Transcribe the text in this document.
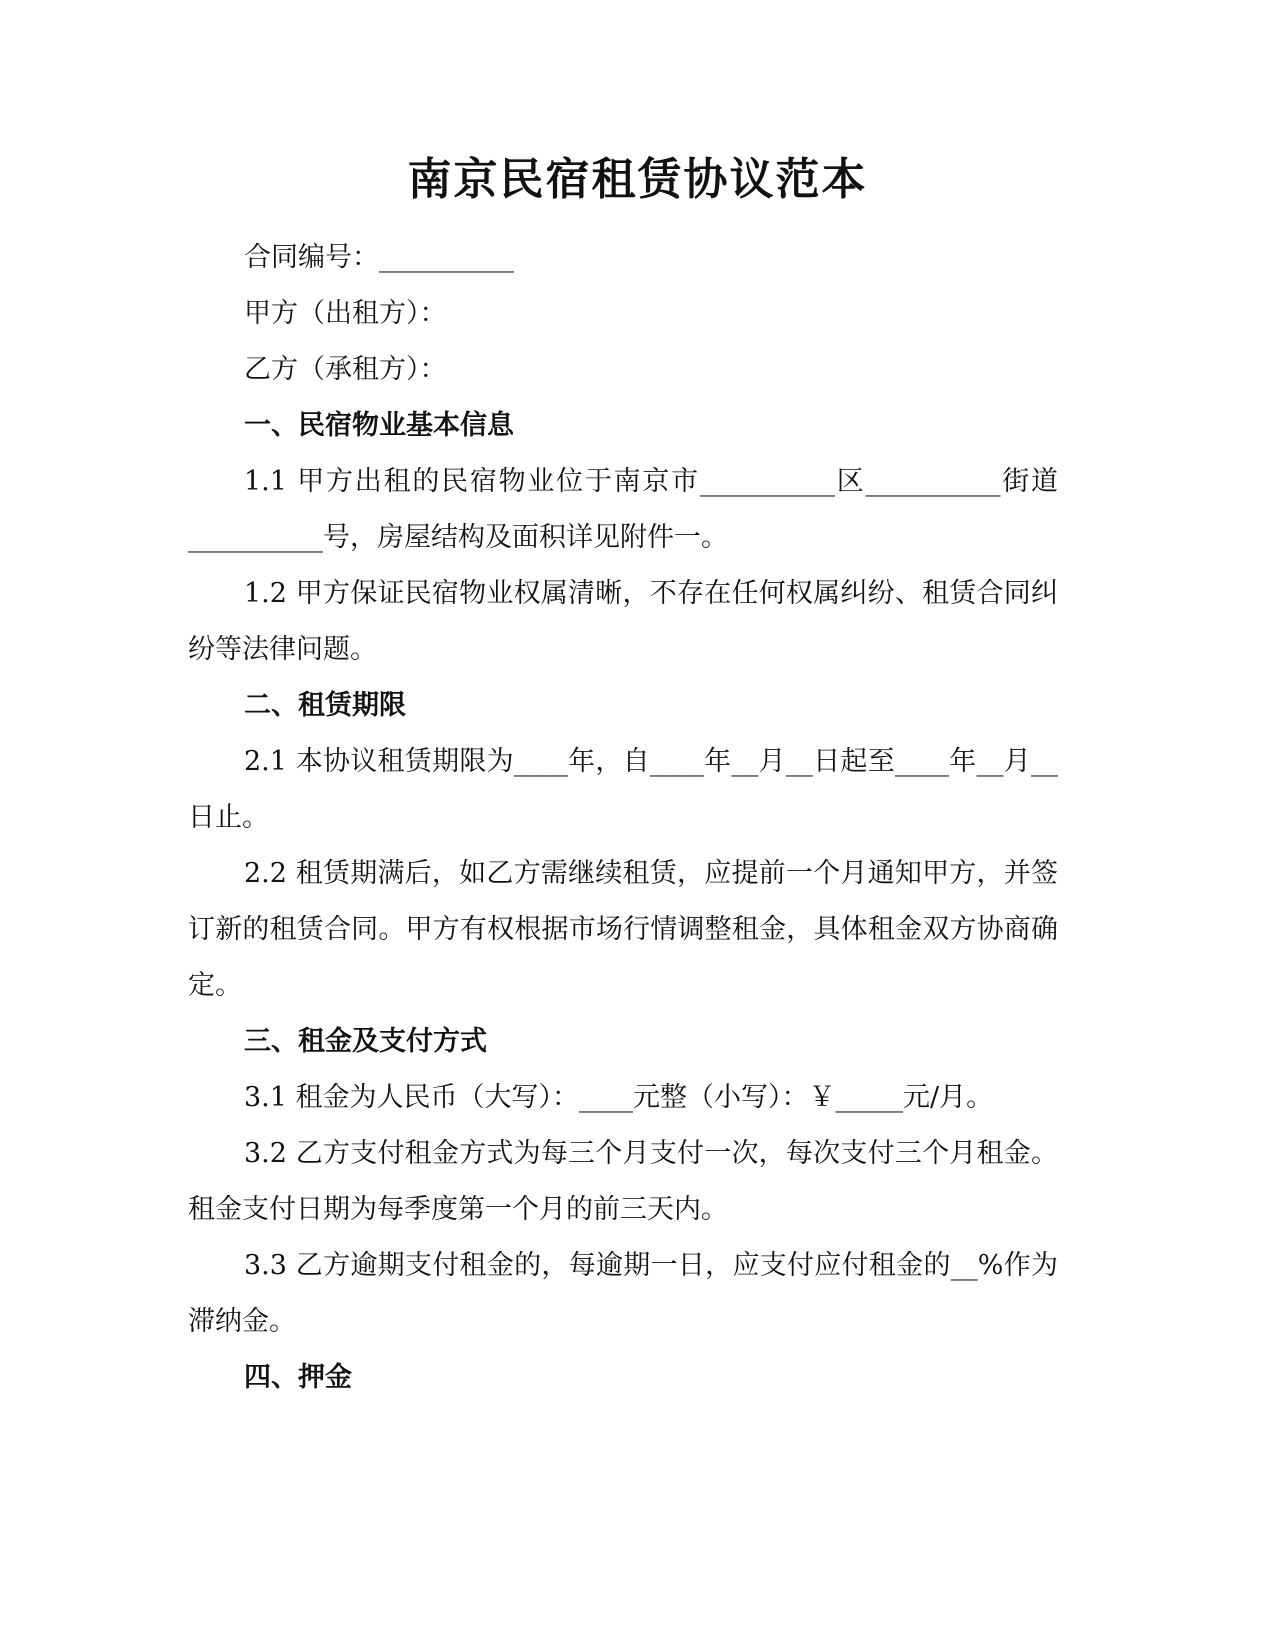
南京民宿租赁协议范本

合同编号：__________

甲方（出租方）：

乙方（承租方）：

一、民宿物业基本信息

1.1 甲方出租的民宿物业位于南京市__________区__________街道__________号，房屋结构及面积详见附件一。

1.2 甲方保证民宿物业权属清晰，不存在任何权属纠纷、租赁合同纠纷等法律问题。

二、租赁期限

2.1 本协议租赁期限为____年，自____年__月__日起至____年__月__日止。

2.2 租赁期满后，如乙方需继续租赁，应提前一个月通知甲方，并签订新的租赁合同。甲方有权根据市场行情调整租金，具体租金双方协商确定。

三、租金及支付方式

3.1 租金为人民币（大写）：____元整（小写）：￥_____元/月。

3.2 乙方支付租金方式为每三个月支付一次，每次支付三个月租金。租金支付日期为每季度第一个月的前三天内。

3.3 乙方逾期支付租金的，每逾期一日，应支付应付租金的__%作为滞纳金。

四、押金
